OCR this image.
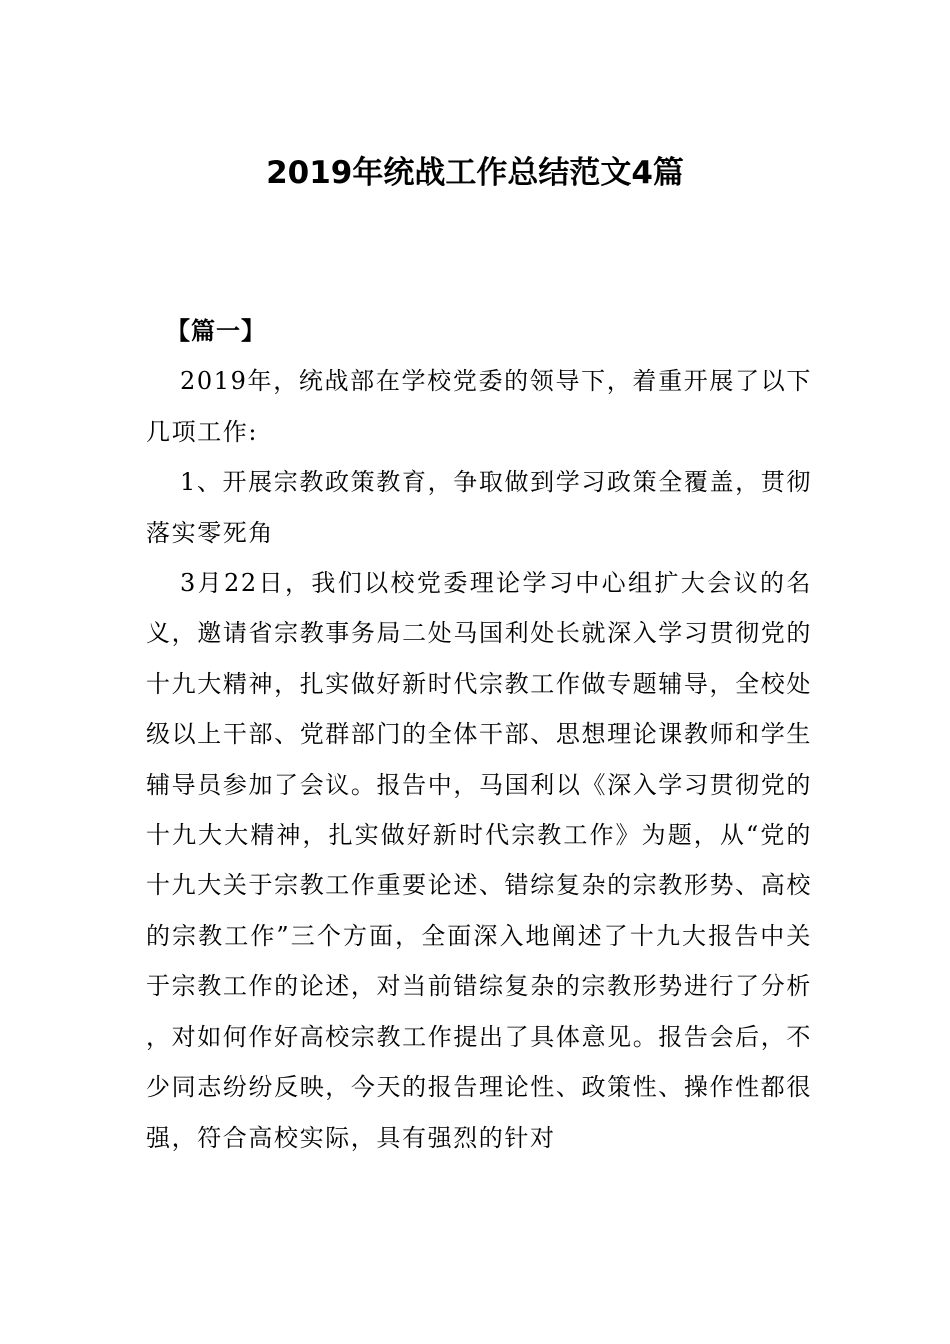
2019年统战工作总结范文4篇

【篇一】

2019年，统战部在学校党委的领导下，着重开展了以下几项工作:

1、开展宗教政策教育，争取做到学习政策全覆盖，贯彻落实零死角

3月22日，我们以校党委理论学习中心组扩大会议的名义，邀请省宗教事务局二处马国利处长就深入学习贯彻党的十九大精神，扎实做好新时代宗教工作做专题辅导，全校处级以上干部、党群部门的全体干部、思想理论课教师和学生辅导员参加了会议。报告中，马国利以《深入学习贯彻党的十九大大精神，扎实做好新时代宗教工作》为题，从“党的十九大关于宗教工作重要论述、错综复杂的宗教形势、高校的宗教工作”三个方面，全面深入地阐述了十九大报告中关于宗教工作的论述，对当前错综复杂的宗教形势进行了分析，对如何作好高校宗教工作提出了具体意见。报告会后，不少同志纷纷反映，今天的报告理论性、政策性、操作性都很强，符合高校实际，具有强烈的针对
